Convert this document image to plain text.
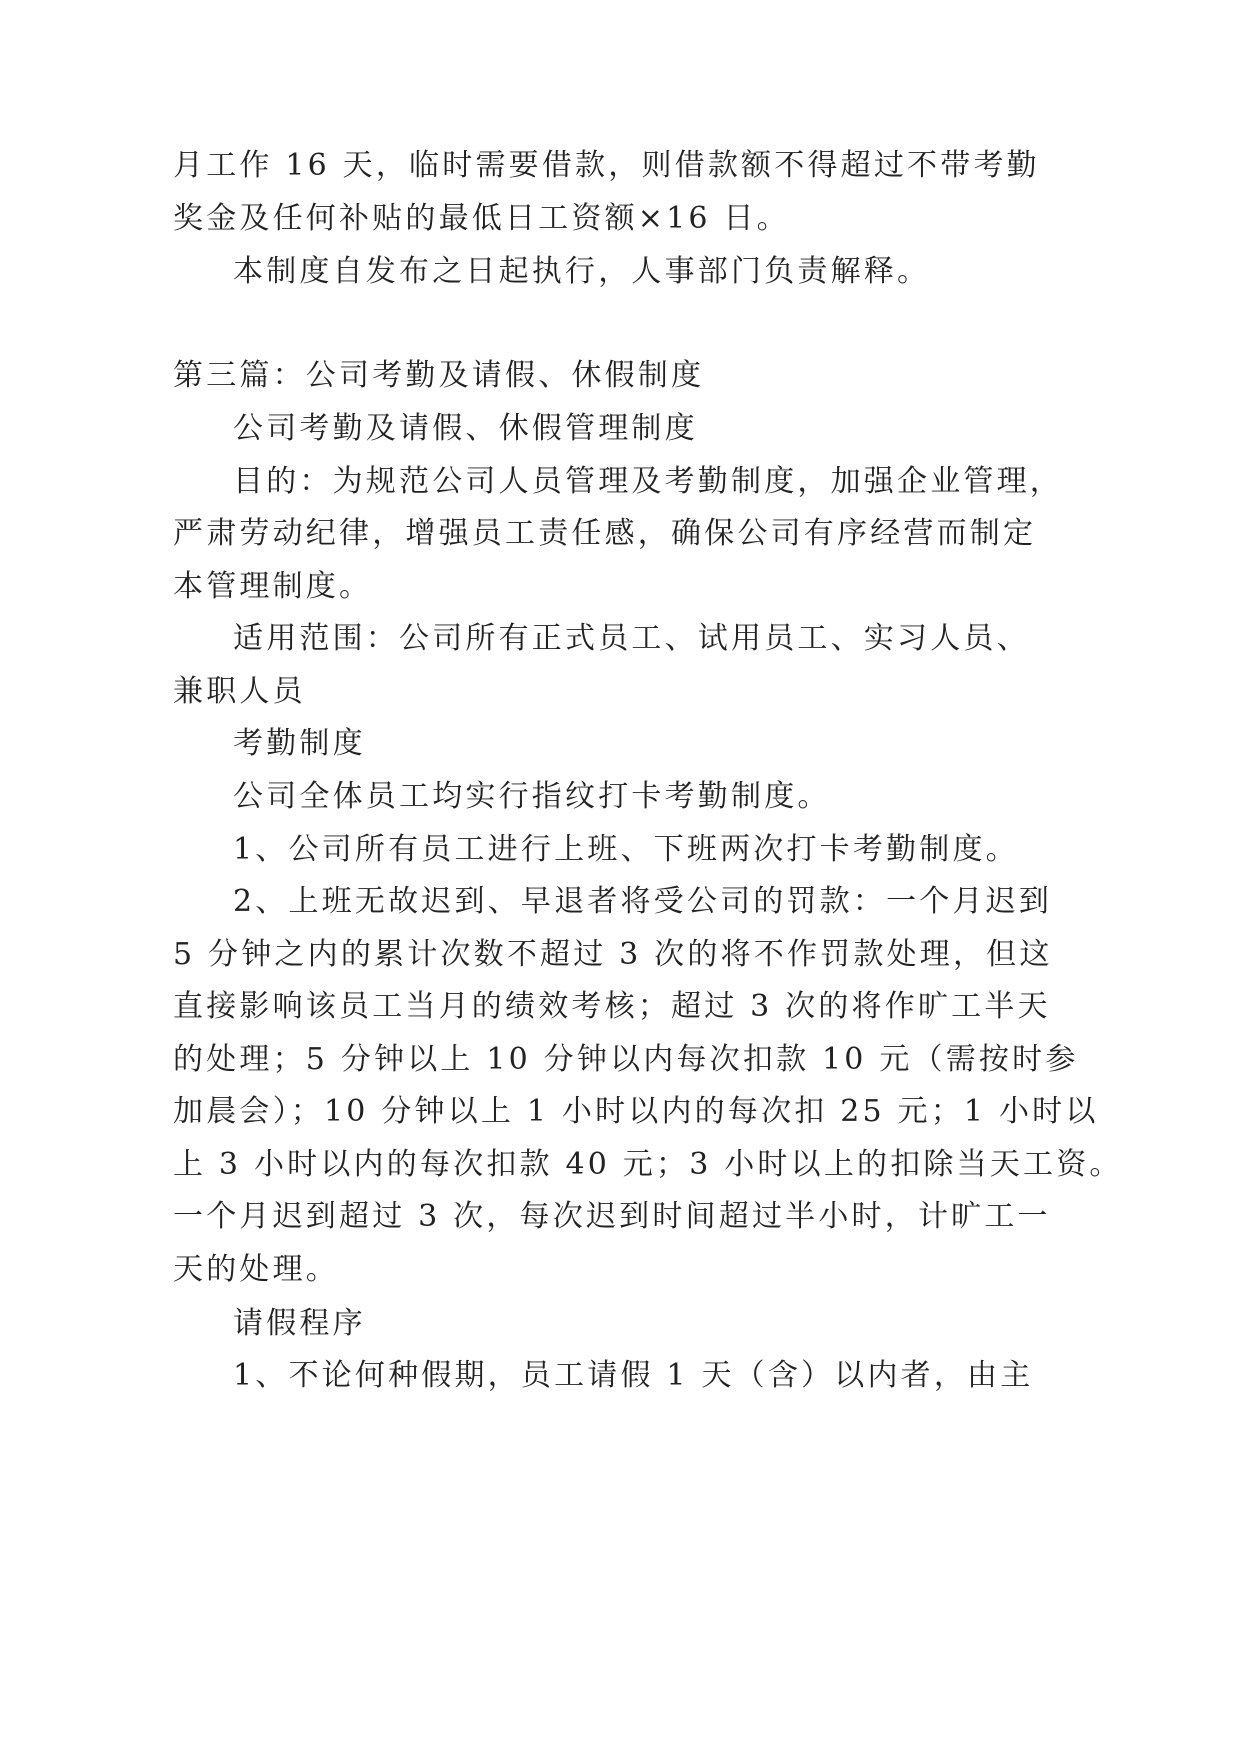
月工作 16 天，临时需要借款，则借款额不得超过不带考勤
奖金及任何补贴的最低日工资额×16 日。
本制度自发布之日起执行，人事部门负责解释。
第三篇：公司考勤及请假、休假制度
公司考勤及请假、休假管理制度
目的：为规范公司人员管理及考勤制度，加强企业管理，
严肃劳动纪律，增强员工责任感，确保公司有序经营而制定
本管理制度。
适用范围：公司所有正式员工、试用员工、实习人员、
兼职人员
考勤制度
公司全体员工均实行指纹打卡考勤制度。
1、公司所有员工进行上班、下班两次打卡考勤制度。
2、上班无故迟到、早退者将受公司的罚款：一个月迟到
5 分钟之内的累计次数不超过 3 次的将不作罚款处理，但这
直接影响该员工当月的绩效考核；超过 3 次的将作旷工半天
的处理；5 分钟以上 10 分钟以内每次扣款 10 元（需按时参
加晨会）；10 分钟以上 1 小时以内的每次扣 25 元；1 小时以
上 3 小时以内的每次扣款 40 元；3 小时以上的扣除当天工资。
一个月迟到超过 3 次，每次迟到时间超过半小时，计旷工一
天的处理。
请假程序
1、不论何种假期，员工请假 1 天（含）以内者，由主
